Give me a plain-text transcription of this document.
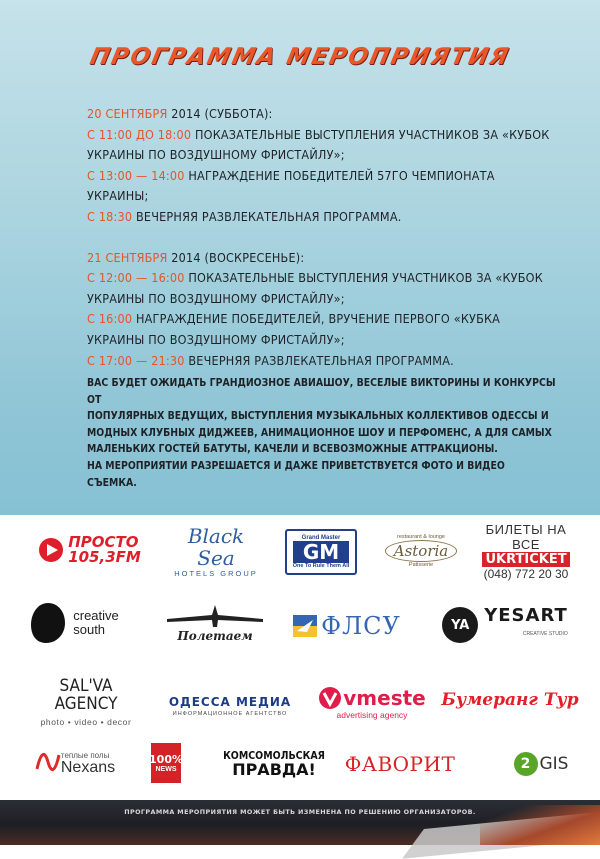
ПРОГРАММА МЕРОПРИЯТИЯ

20 СЕНТЯБРЯ 2014 (СУББОТА):

С 11:00 ДО 18:00 ПОКАЗАТЕЛЬНЫЕ ВЫСТУПЛЕНИЯ УЧАСТНИКОВ ЗА «КУБОК УКРАИНЫ ПО ВОЗДУШНОМУ ФРИСТАЙЛУ»;

С 13:00 — 14:00 НАГРАЖДЕНИЕ ПОБЕДИТЕЛЕЙ 57ГО ЧЕМПИОНАТА УКРАИНЫ;

С 18:30 ВЕЧЕРНЯЯ РАЗВЛЕКАТЕЛЬНАЯ ПРОГРАММА.

21 СЕНТЯБРЯ 2014 (ВОСКРЕСЕНЬЕ):

С 12:00 — 16:00 ПОКАЗАТЕЛЬНЫЕ ВЫСТУПЛЕНИЯ УЧАСТНИКОВ ЗА «КУБОК УКРАИНЫ ПО ВОЗДУШНОМУ ФРИСТАЙЛУ»;

С 16:00 НАГРАЖДЕНИЕ ПОБЕДИТЕЛЕЙ, ВРУЧЕНИЕ ПЕРВОГО «КУБКА УКРАИНЫ ПО ВОЗДУШНОМУ ФРИСТАЙЛУ»;

С 17:00 — 21:30 ВЕЧЕРНЯЯ РАЗВЛЕКАТЕЛЬНАЯ ПРОГРАММА.

ВАС БУДЕТ ОЖИДАТЬ ГРАНДИОЗНОЕ АВИАШОУ, ВЕСЕЛЫЕ ВИКТОРИНЫ И КОНКУРСЫ ОТ

ПОПУЛЯРНЫХ ВЕДУЩИХ, ВЫСТУПЛЕНИЯ МУЗЫКАЛЬНЫХ КОЛЛЕКТИВОВ ОДЕССЫ И

МОДНЫХ КЛУБНЫХ ДИДЖЕЕВ, АНИМАЦИОННОЕ ШОУ И ПЕРФОМЕНС, А ДЛЯ САМЫХ

МАЛЕНЬКИХ ГОСТЕЙ БАТУТЫ, КАЧЕЛИ И ВСЕВОЗМОЖНЫЕ АТТРАКЦИОНЫ.

НА МЕРОПРИЯТИИ РАЗРЕШАЕТСЯ И ДАЖЕ ПРИВЕТСТВУЕТСЯ ФОТО И ВИДЕО СЪЕМКА.

ПРОСТО
105,3FM
Black Sea
HOTELS GROUP
Grand Master
GM
One To Rule Them All
restaurant & lounge
Astoria
Patisserie
БИЛЕТЫ НА ВСЕ
UKRTICKET
(048) 772 20 30
creative
south	Полетаем	ФЛСУ	YA YESART
CREATIVE STUDIO
SAL'VA AGENCY
photo • video • decor
ОДЕССА МЕДИА
ИНФОРМАЦИОННОЕ АГЕНТСТВО
vmeste
advertising agency
Бумеранг Тур
теплые полы
Nexans	100%
NEWS
КОМСОМОЛЬСКАЯ
ПРАВДА! ФАВОРИТ	2 GIS
ПРОГРАММА МЕРОПРИЯТИЯ МОЖЕТ БЫТЬ ИЗМЕНЕНА ПО РЕШЕНИЮ ОРГАНИЗАТОРОВ.
